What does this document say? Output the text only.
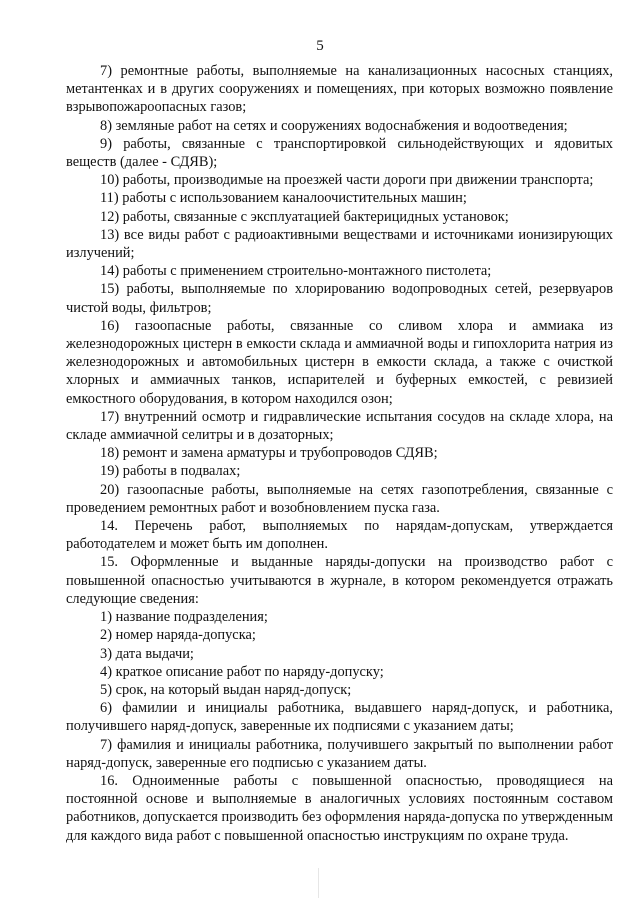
5

7) ремонтные работы, выполняемые на канализационных насосных станциях, метантенках и в других сооружениях и помещениях, при которых возможно появление взрывопожароопасных газов;

8) земляные работ на сетях и сооружениях водоснабжения и водоотведения;

9) работы, связанные с транспортировкой сильнодействующих и ядовитых веществ (далее - СДЯВ);

10) работы, производимые на проезжей части дороги при движении транспорта;

11) работы с использованием каналоочистительных машин;

12) работы, связанные с эксплуатацией бактерицидных установок;

13) все виды работ с радиоактивными веществами и источниками ионизирующих излучений;

14) работы с применением строительно-монтажного пистолета;

15) работы, выполняемые по хлорированию водопроводных сетей, резервуаров чистой воды, фильтров;

16) газоопасные работы, связанные со сливом хлора и аммиака из железнодорожных цистерн в емкости склада и аммиачной воды и гипохлорита натрия из железнодорожных и автомобильных цистерн в емкости склада, а также с очисткой хлорных и аммиачных танков, испарителей и буферных емкостей, с ревизией емкостного оборудования, в котором находился озон;

17) внутренний осмотр и гидравлические испытания сосудов на складе хлора, на складе аммиачной селитры и в дозаторных;

18) ремонт и замена арматуры и трубопроводов СДЯВ;

19) работы в подвалах;

20) газоопасные работы, выполняемые на сетях газопотребления, связанные с проведением ремонтных работ и возобновлением пуска газа.

14. Перечень работ, выполняемых по нарядам-допускам, утверждается работодателем и может быть им дополнен.

15. Оформленные и выданные наряды-допуски на производство работ с повышенной опасностью учитываются в журнале, в котором рекомендуется отражать следующие сведения:

1) название подразделения;

2) номер наряда-допуска;

3) дата выдачи;

4) краткое описание работ по наряду-допуску;

5) срок, на который выдан наряд-допуск;

6) фамилии и инициалы работника, выдавшего наряд-допуск, и работника, получившего наряд-допуск, заверенные их подписями с указанием даты;

7) фамилия и инициалы работника, получившего закрытый по выполнении работ наряд-допуск, заверенные его подписью с указанием даты.

16. Одноименные работы с повышенной опасностью, проводящиеся на постоянной основе и выполняемые в аналогичных условиях постоянным составом работников, допускается производить без оформления наряда-допуска по утвержденным для каждого вида работ с повышенной опасностью инструкциям по охране труда.
